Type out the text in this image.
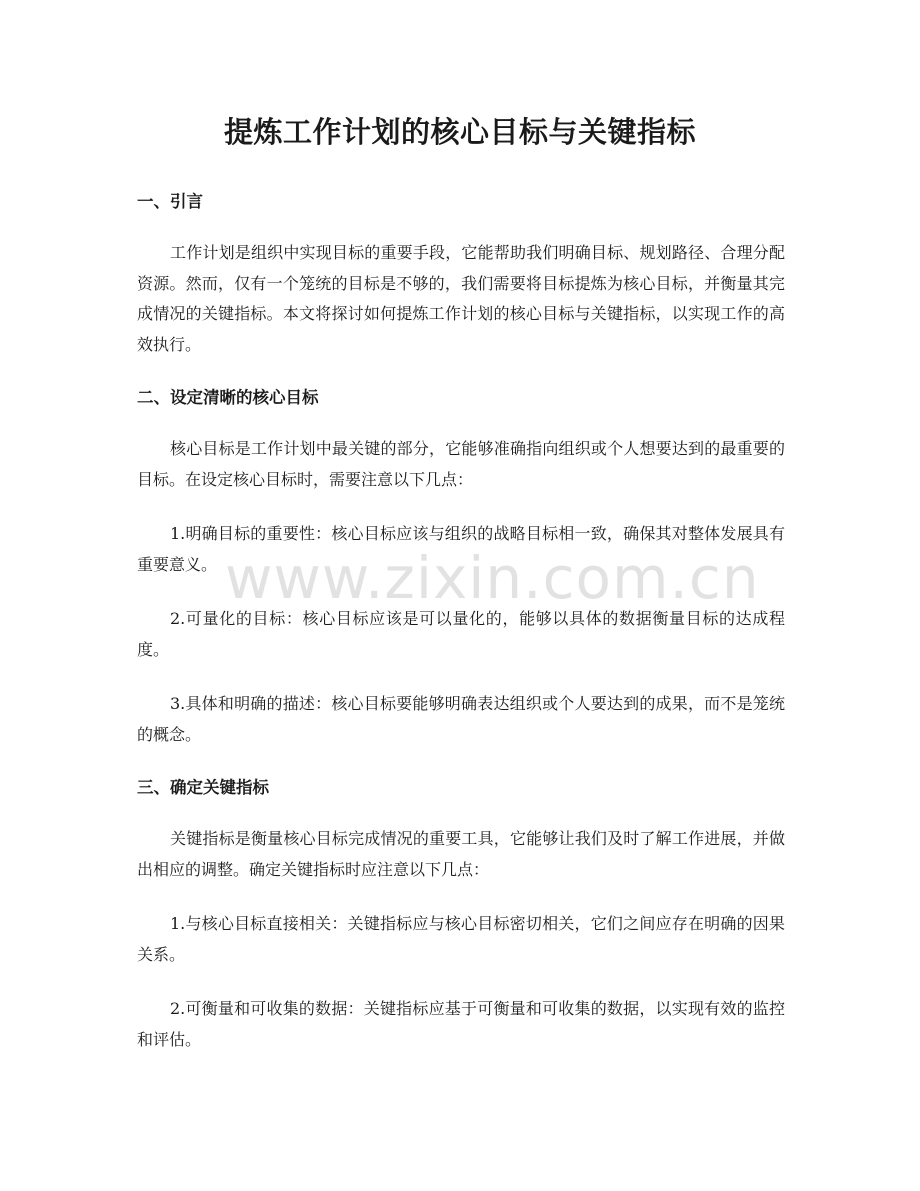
提炼工作计划的核心目标与关键指标
一、引言

工作计划是组织中实现目标的重要手段，它能帮助我们明确目标、规划路径、合理分配资源。然而，仅有一个笼统的目标是不够的，我们需要将目标提炼为核心目标，并衡量其完成情况的关键指标。本文将探讨如何提炼工作计划的核心目标与关键指标，以实现工作的高效执行。

二、设定清晰的核心目标

核心目标是工作计划中最关键的部分，它能够准确指向组织或个人想要达到的最重要的目标。在设定核心目标时，需要注意以下几点：

1.明确目标的重要性：核心目标应该与组织的战略目标相一致，确保其对整体发展具有重要意义。

2.可量化的目标：核心目标应该是可以量化的，能够以具体的数据衡量目标的达成程度。

3.具体和明确的描述：核心目标要能够明确表达组织或个人要达到的成果，而不是笼统的概念。

三、确定关键指标

关键指标是衡量核心目标完成情况的重要工具，它能够让我们及时了解工作进展，并做出相应的调整。确定关键指标时应注意以下几点：

1.与核心目标直接相关：关键指标应与核心目标密切相关，它们之间应存在明确的因果关系。

2.可衡量和可收集的数据：关键指标应基于可衡量和可收集的数据，以实现有效的监控和评估。

www.zixin.com.cn
